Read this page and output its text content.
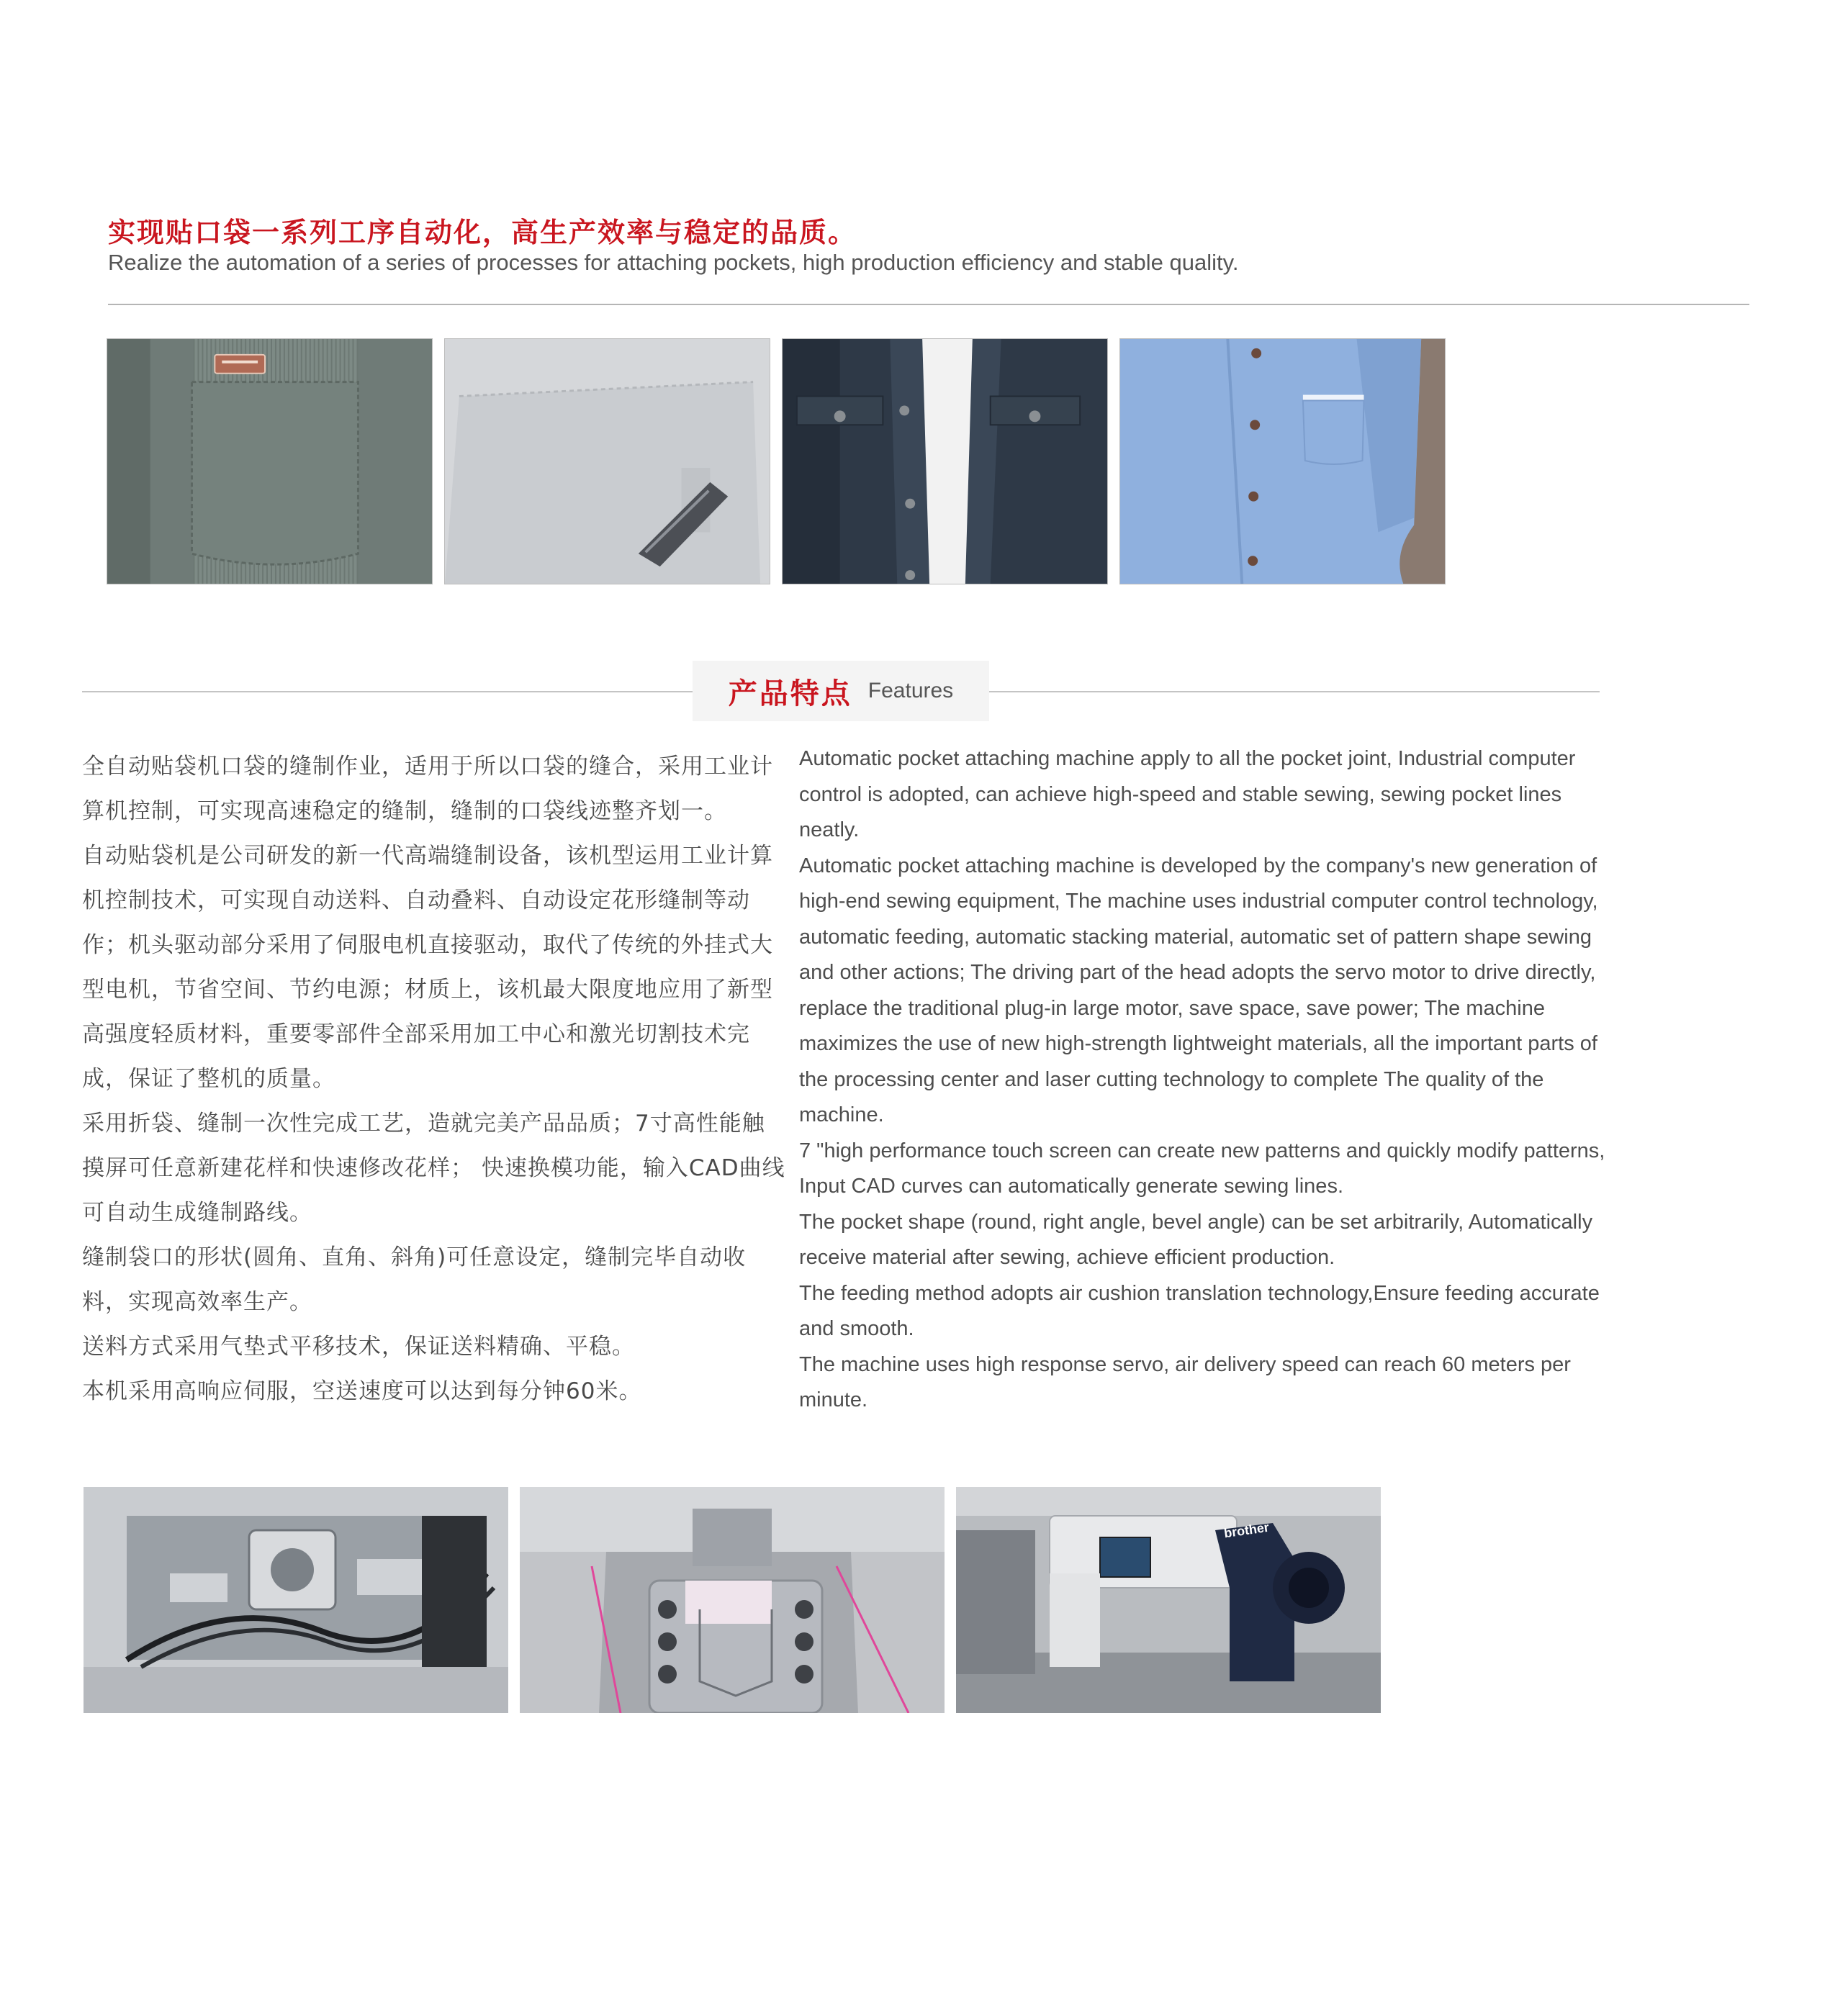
实现贴口袋一系列工序自动化，高生产效率与稳定的品质。
Realize the automation of a series of processes for attaching pockets, high production efficiency and stable quality.
产品特点 Features

全自动贴袋机口袋的缝制作业，适用于所以口袋的缝合，采用工业计算机控制，可实现高速稳定的缝制，缝制的口袋线迹整齐划一。

自动贴袋机是公司研发的新一代高端缝制设备，该机型运用工业计算机控制技术，可实现自动送料、自动叠料、自动设定花形缝制等动作；机头驱动部分采用了伺服电机直接驱动，取代了传统的外挂式大型电机，节省空间、节约电源；材质上，该机最大限度地应用了新型高强度轻质材料，重要零部件全部采用加工中心和激光切割技术完成，保证了整机的质量。

采用折袋、缝制一次性完成工艺，造就完美产品品质；7寸高性能触摸屏可任意新建花样和快速修改花样； 快速换模功能，输入CAD曲线可自动生成缝制路线。

缝制袋口的形状(圆角、直角、斜角)可任意设定，缝制完毕自动收料，实现高效率生产。

送料方式采用气垫式平移技术，保证送料精确、平稳。

本机采用高响应伺服，空送速度可以达到每分钟60米。

Automatic pocket attaching machine apply to all the pocket joint, Industrial computer control is adopted, can achieve high-speed and stable sewing, sewing pocket lines neatly.

Automatic pocket attaching machine is developed by the company's new generation of high-end sewing equipment, The machine uses industrial computer control technology, automatic feeding, automatic stacking material, automatic set of pattern shape sewing and other actions; The driving part of the head adopts the servo motor to drive directly, replace the traditional plug-in large motor, save space, save power; The machine maximizes the use of new high-strength lightweight materials, all the important parts of the processing center and laser cutting technology to complete The quality of the machine.

7 "high performance touch screen can create new patterns and quickly modify patterns, Input CAD curves can automatically generate sewing lines.

The pocket shape (round, right angle, bevel angle) can be set arbitrarily, Automatically receive material after sewing, achieve efficient production.

The feeding method adopts air cushion translation technology,Ensure feeding accurate and smooth.

The machine uses high response servo, air delivery speed can reach 60 meters per minute.

brother
